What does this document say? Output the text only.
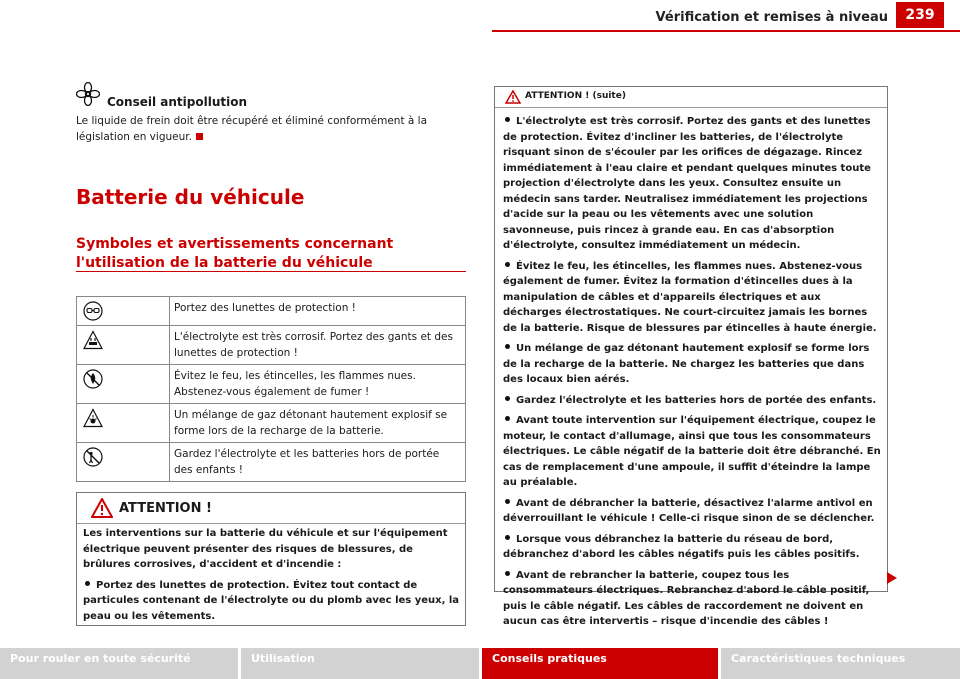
Vérification et remises à niveau	239
Conseil antipollution
Le liquide de frein doit être récupéré et éliminé conformément à la législation en vigueur.
Batterie du véhicule
Symboles et avertissements concernant l'utilisation de la batterie du véhicule
	Portez des lunettes de protection !

	L'électrolyte est très corrosif. Portez des gants et des lunettes de protection !

	Évitez le feu, les étincelles, les flammes nues. Abstenez-vous également de fumer !

	Un mélange de gaz détonant hautement explosif se forme lors de la recharge de la batterie.

	Gardez l'électrolyte et les batteries hors de portée des enfants !
ATTENTION !
Les interventions sur la batterie du véhicule et sur l'équipement électrique peuvent présenter des risques de blessures, de brûlures corrosives, d'accident et d'incendie :
Portez des lunettes de protection. Évitez tout contact de particules contenant de l'électrolyte ou du plomb avec les yeux, la peau ou les vêtements.
ATTENTION ! (suite)
L'électrolyte est très corrosif. Portez des gants et des lunettes de protection. Évitez d'incliner les batteries, de l'électrolyte risquant sinon de s'écouler par les orifices de dégazage. Rincez immédiatement à l'eau claire et pendant quelques minutes toute projection d'électrolyte dans les yeux. Consultez ensuite un médecin sans tarder. Neutralisez immédiatement les projections d'acide sur la peau ou les vêtements avec une solution savonneuse, puis rincez à grande eau. En cas d'absorption d'électrolyte, consultez immédiatement un médecin.
Évitez le feu, les étincelles, les flammes nues. Abstenez-vous également de fumer. Évitez la formation d'étincelles dues à la manipulation de câbles et d'appareils électriques et aux décharges électrostatiques. Ne court-circuitez jamais les bornes de la batterie. Risque de blessures par étincelles à haute énergie.
Un mélange de gaz détonant hautement explosif se forme lors de la recharge de la batterie. Ne chargez les batteries que dans des locaux bien aérés.
Gardez l'électrolyte et les batteries hors de portée des enfants.
Avant toute intervention sur l'équipement électrique, coupez le moteur, le contact d'allumage, ainsi que tous les consommateurs électriques. Le câble négatif de la batterie doit être débranché. En cas de remplacement d'une ampoule, il suffit d'éteindre la lampe au préalable.
Avant de débrancher la batterie, désactivez l'alarme antivol en déverrouillant le véhicule ! Celle-ci risque sinon de se déclencher.
Lorsque vous débranchez la batterie du réseau de bord, débranchez d'abord les câbles négatifs puis les câbles positifs.
Avant de rebrancher la batterie, coupez tous les consommateurs électriques. Rebranchez d'abord le câble positif, puis le câble négatif. Les câbles de raccordement ne doivent en aucun cas être intervertis – risque d'incendie des câbles !
Pour rouler en toute sécurité	Utilisation	Conseils pratiques	Caractéristiques techniques
